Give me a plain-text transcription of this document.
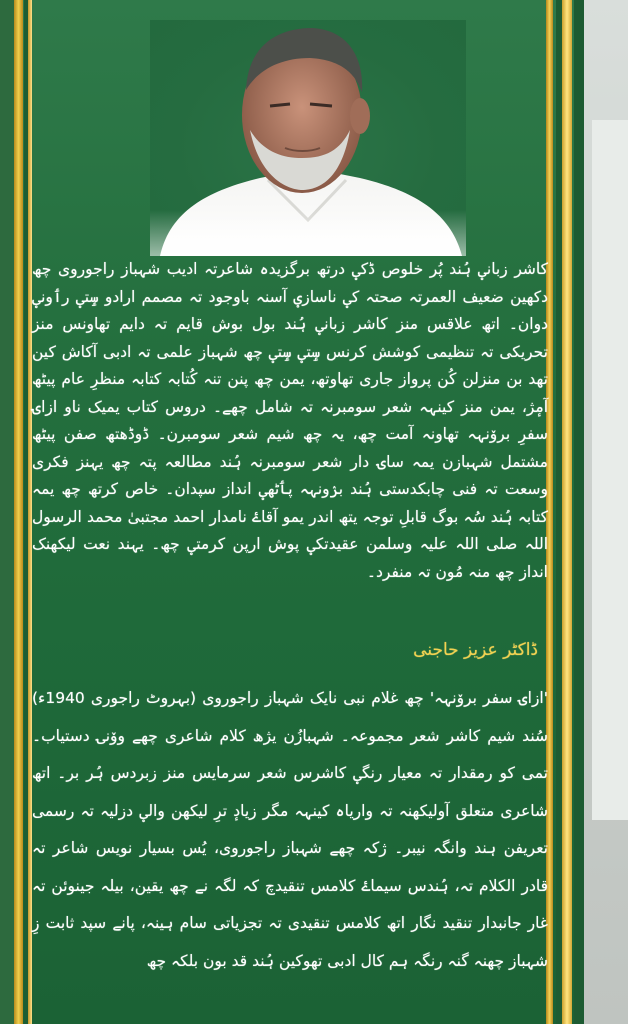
کاشر زبانؠ ہُند پُر خلوص ڈکؠ درتھ برگزیدہ شاعرتہ ادیب شہباز راجوروی چھ دکھین ضعیف العمرتہ صحتہ کؠ ناسازؠ آسنہ باوجود تہ مصمم ارادو سٟتؠ رٲونؠ دوان۔ اتھ علاقس منز کاشر زبانؠ ہُند بول بوش قایم تہ دایم تھاونس منز تحریکی تہ تنظیمی کوشش کرنس سٟتؠ سٟتؠ چھ شہباز علمی تہ ادبی آکاش کین تھد بن منزلن کُن پرواز جاری تھاوتھ، یمن چھ پنن تنہ کُتابہ کتابہ منظرِ عام پیٹھ آمٕژ، یمن منز کینہہ شعر سومبرنہ تہ شامل چھے۔ دروس کتاب یمیک ناو ازاۍ سفرِ بروٚنہہ تھاونہ آمت چھ، یہ چھ شیم شعر سومبرن۔ ڈوڈھتھ صفن پیٹھ مشتمل شہبازن یمہ ساۍ دار شعر سومبرنہ ہُند مطالعہ پتہ چھ یہنز فکری وسعت تہ فنی چابکدستی ہُند برٛونہہ پٲٹھؠ انداز سپدان۔ خاص کرتھ چھ یمہ کتابہ ہُند سُہ بوگ قابلِ توجہ یتھ اندر یمو آقاۓ نامدار احمد مجتبیٰ محمد الرسول اللہ صلی اللہ علیہ وسلمن عقیدتکؠ پوش ارپن کرمتؠ چھ۔ یہند نعت لیکھنک انداز چھ منہ مُون تہ منفرد۔
ڈاکٹر عزیز حاجنی
'ازاۍ سفر بروٚنہہ' چھ غلام نبی نایک شہباز راجوروی (بہروٹ راجوری 1940ء) سُند شیم کاشر شعر مجموعہ۔ شہبازُن یژھ کلام شاعری چھے ووٚنۍ دستیاب۔ تمی کو رمقدار تہ معیار رنگؠ کاشرس شعر سرمایس منز زبردس ہُر بر۔ اتھ شاعری متعلق آولیکھنہ تہ واریاہ کینہہ مگر زیادٕ ترِ لیکھن والؠ دزلیہ تہ رسمی تعریفن ہند وانگہ نیبر۔ ژکہ چھے شہباز راجوروی، یُس بسیار نویس شاعر تہ قادر الکلام تہ، ہُندس سیماۓ کلامس تنقیدچ کہ لگہ نے چھ یقین، بیلہ جینوئن تہ غار جانبدار تنقید نگار اتھ کلامس تنقیدی تہ تجزیاتی سام ہینہ، پانے سپد ثابت زِ شہباز چھنہ گنہ رنگہ ہم کال ادبی تھوکین ہُند قد بون بلکہ چھ
